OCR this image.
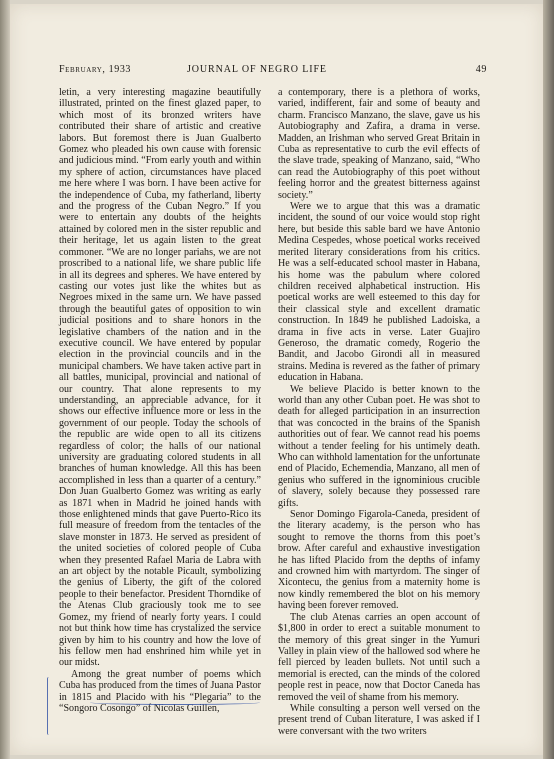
February, 1933	JOURNAL OF NEGRO LIFE	49

letin, a very interesting magazine beautifully illustrated, printed on the finest glazed paper, to which most of its bronzed writers have contributed their share of artistic and creative labors. But foremost there is Juan Gualberto Gomez who pleaded his own cause with forensic and judicious mind. “From early youth and within my sphere of action, circumstances have placed me here where I was born. I have been active for the independence of Cuba, my fatherland, liberty and the progress of the Cuban Negro.” If you were to entertain any doubts of the heights attained by colored men in the sister republic and their heritage, let us again listen to the great commoner. “We are no longer pariahs, we are not proscribed to a national life, we share public life in all its degrees and spheres. We have entered by casting our votes just like the whites but as Negroes mixed in the same urn. We have passed through the beautiful gates of opposition to win judicial positions and to share honors in the legislative chambers of the nation and in the executive council. We have entered by popular election in the provincial councils and in the municipal chambers. We have taken active part in all battles, municipal, provincial and national of our country. That alone represents to my understanding, an appreciable advance, for it shows our effective influence more or less in the government of our people. Today the schools of the republic are wide open to all its citizens regardless of color; the halls of our national university are graduating colored students in all branches of human knowledge. All this has been accomplished in less than a quarter of a century.” Don Juan Gualberto Gomez was writing as early as 1871 when in Madrid he joined hands with those enlightened minds that gave Puerto-Rico its full measure of freedom from the tentacles of the slave monster in 1873. He served as president of the united societies of colored people of Cuba when they presented Rafael Maria de Labra with an art object by the notable Picault, symbolizing the genius of Liberty, the gift of the colored people to their benefactor. President Thorndike of the Atenas Club graciously took me to see Gomez, my friend of nearly forty years. I could not but think how time has crystalized the service given by him to his country and how the love of his fellow men had enshrined him while yet in our midst.

Among the great number of poems which Cuba has produced from the times of Juana Pastor in 1815 and Placido with his “Plegaria” to the “Songoro Cosongo” of Nicolas Guillen,

a contemporary, there is a plethora of works, varied, indifferent, fair and some of beauty and charm. Francisco Manzano, the slave, gave us his Autobiography and Zafira, a drama in verse. Madden, an Irishman who served Great Britain in Cuba as representative to curb the evil effects of the slave trade, speaking of Manzano, said, “Who can read the Autobiography of this poet without feeling horror and the greatest bitterness against society.”

Were we to argue that this was a dramatic incident, the sound of our voice would stop right here, but beside this sable bard we have Antonio Medina Cespedes, whose poetical works received merited literary considerations from his critics. He was a self-educated school master in Habana, his home was the pabulum where colored children received alphabetical instruction. His poetical works are well esteemed to this day for their classical style and excellent dramatic construction. In 1849 he published Ladoiska, a drama in five acts in verse. Later Guajiro Generoso, the dramatic comedy, Rogerio the Bandit, and Jacobo Girondi all in measured strains. Medina is revered as the father of primary education in Habana.

We believe Placido is better known to the world than any other Cuban poet. He was shot to death for alleged participation in an insurrection that was concocted in the brains of the Spanish authorities out of fear. We cannot read his poems without a tender feeling for his untimely death. Who can withhold lamentation for the unfortunate end of Placido, Echemendia, Manzano, all men of genius who suffered in the ignominious crucible of slavery, solely because they possessed rare gifts.

Senor Domingo Figarola-Caneda, president of the literary academy, is the person who has sought to remove the thorns from this poet’s brow. After careful and exhaustive investigation he has lifted Placido from the depths of infamy and crowned him with martyrdom. The singer of Xicontecu, the genius from a maternity home is now kindly remembered the blot on his memory having been forever removed.

The club Atenas carries an open account of $1,800 in order to erect a suitable monument to the memory of this great singer in the Yumuri Valley in plain view of the hallowed sod where he fell pierced by leaden bullets. Not until such a memorial is erected, can the minds of the colored people rest in peace, now that Doctor Caneda has removed the veil of shame from his memory.

While consulting a person well versed on the present trend of Cuban literature, I was asked if I were conversant with the two writers
